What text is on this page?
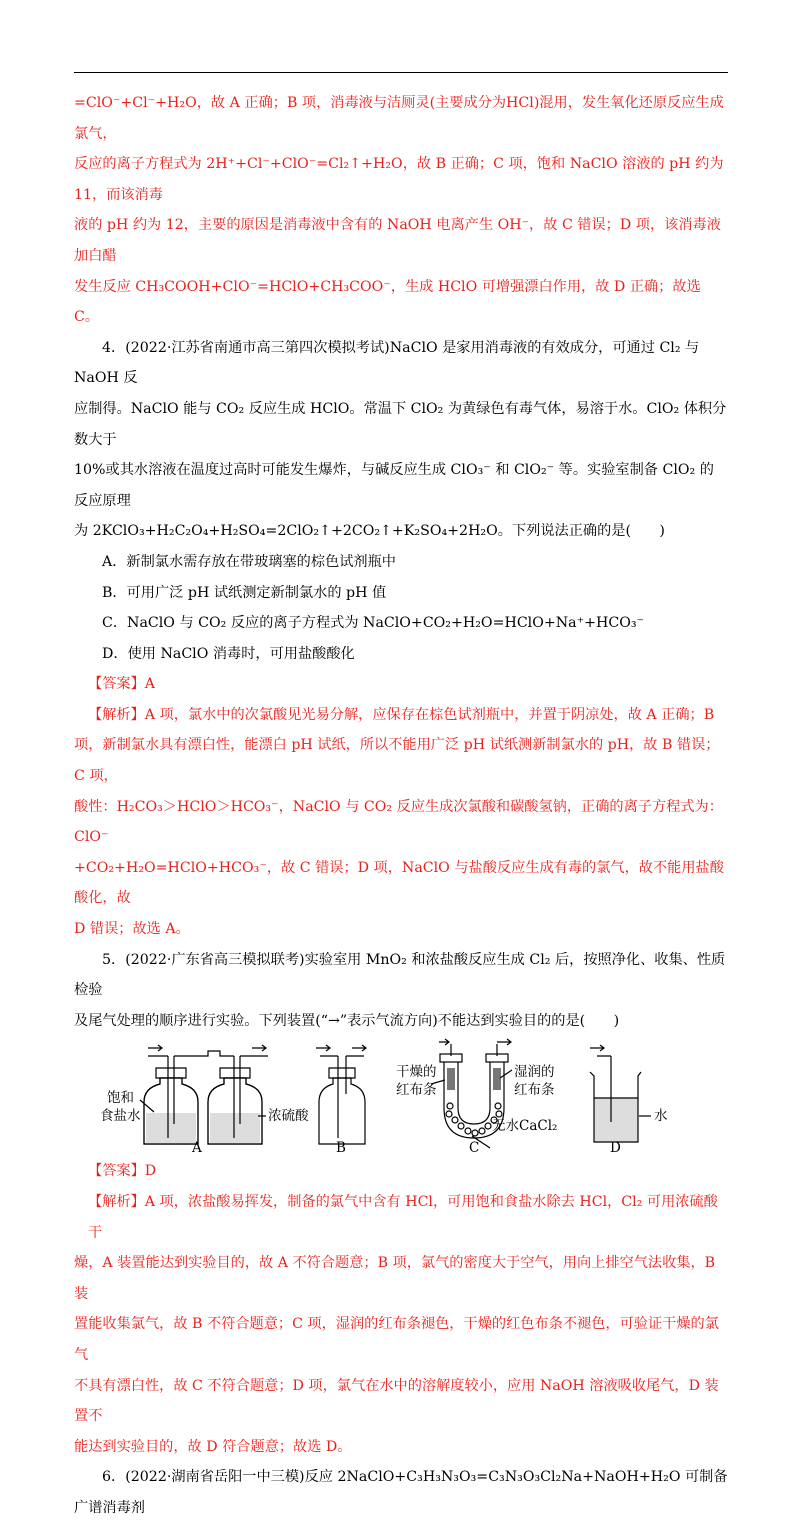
=ClO⁻+Cl⁻+H₂O，故 A 正确；B 项，消毒液与洁厕灵(主要成分为HCl)混用，发生氧化还原反应生成氯气，

反应的离子方程式为 2H⁺+Cl⁻+ClO⁻=Cl₂↑+H₂O，故 B 正确；C 项，饱和 NaClO 溶液的 pH 约为 11，而该消毒

液的 pH 约为 12，主要的原因是消毒液中含有的 NaOH 电离产生 OH⁻，故 C 错误；D 项，该消毒液加白醋

发生反应 CH₃COOH+ClO⁻=HClO+CH₃COO⁻，生成 HClO 可增强漂白作用，故 D 正确；故选 C。

4．(2022·江苏省南通市高三第四次模拟考试)NaClO 是家用消毒液的有效成分，可通过 Cl₂ 与 NaOH 反

应制得。NaClO 能与 CO₂ 反应生成 HClO。常温下 ClO₂ 为黄绿色有毒气体，易溶于水。ClO₂ 体积分数大于

10%或其水溶液在温度过高时可能发生爆炸，与碱反应生成 ClO₃⁻ 和 ClO₂⁻ 等。实验室制备 ClO₂ 的反应原理

为 2KClO₃+H₂C₂O₄+H₂SO₄=2ClO₂↑+2CO₂↑+K₂SO₄+2H₂O。下列说法正确的是(　　)

A．新制氯水需存放在带玻璃塞的棕色试剂瓶中

B．可用广泛 pH 试纸测定新制氯水的 pH 值

C．NaClO 与 CO₂ 反应的离子方程式为 NaClO+CO₂+H₂O=HClO+Na⁺+HCO₃⁻

D．使用 NaClO 消毒时，可用盐酸酸化

【答案】A

【解析】A 项，氯水中的次氯酸见光易分解，应保存在棕色试剂瓶中，并置于阴凉处，故 A 正确；B

项，新制氯水具有漂白性，能漂白 pH 试纸，所以不能用广泛 pH 试纸测新制氯水的 pH，故 B 错误；C 项，

酸性：H₂CO₃＞HClO＞HCO₃⁻，NaClO 与 CO₂ 反应生成次氯酸和碳酸氢钠，正确的离子方程式为：ClO⁻

+CO₂+H₂O=HClO+HCO₃⁻，故 C 错误；D 项，NaClO 与盐酸反应生成有毒的氯气，故不能用盐酸酸化，故

D 错误；故选 A。

5．(2022·广东省高三模拟联考)实验室用 MnO₂ 和浓盐酸反应生成 Cl₂ 后，按照净化、收集、性质检验

及尾气处理的顺序进行实验。下列装置(“→”表示气流方向)不能达到实验目的的是(　　)

饱和
食盐水	浓硫酸
干燥的
红布条
湿润的
红布条
无水CaCl₂
水
A	B	C	D

【答案】D

【解析】A 项，浓盐酸易挥发，制备的氯气中含有 HCl，可用饱和食盐水除去 HCl，Cl₂ 可用浓硫酸干

燥，A 装置能达到实验目的，故 A 不符合题意；B 项，氯气的密度大于空气，用向上排空气法收集，B 装

置能收集氯气，故 B 不符合题意；C 项，湿润的红布条褪色，干燥的红色布条不褪色，可验证干燥的氯气

不具有漂白性，故 C 不符合题意；D 项，氯气在水中的溶解度较小，应用 NaOH 溶液吸收尾气，D 装置不

能达到实验目的，故 D 符合题意；故选 D。

6．(2022·湖南省岳阳一中三模)反应 2NaClO+C₃H₃N₃O₃=C₃N₃O₃Cl₂Na+NaOH+H₂O 可制备广谱消毒剂
